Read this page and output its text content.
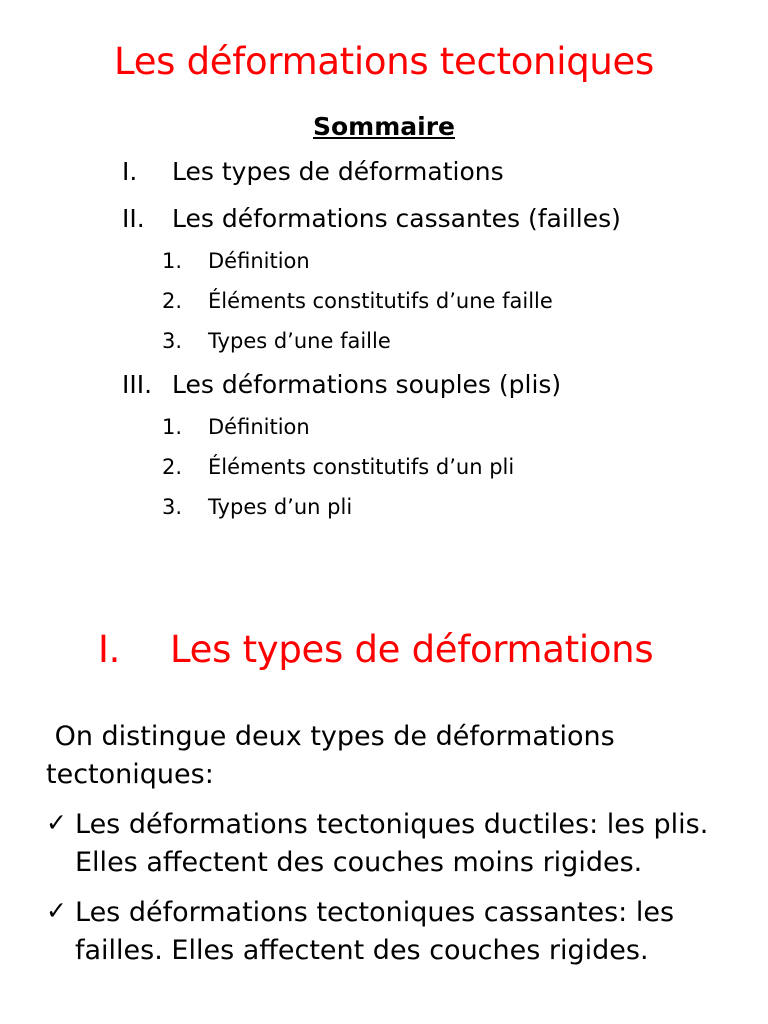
Les déformations tectoniques
Sommaire
I. Les types de déformations
II. Les déformations cassantes (failles)
1. Définition
2. Éléments constitutifs d’une faille
3. Types d’une faille
III. Les déformations souples (plis)
1. Définition
2. Éléments constitutifs d’un pli
3. Types d’un pli
I. Les types de déformations
On distingue deux types de déformations tectoniques:
✓ Les déformations tectoniques ductiles: les plis. Elles affectent des couches moins rigides.
✓ Les déformations tectoniques cassantes: les failles. Elles affectent des couches rigides.
